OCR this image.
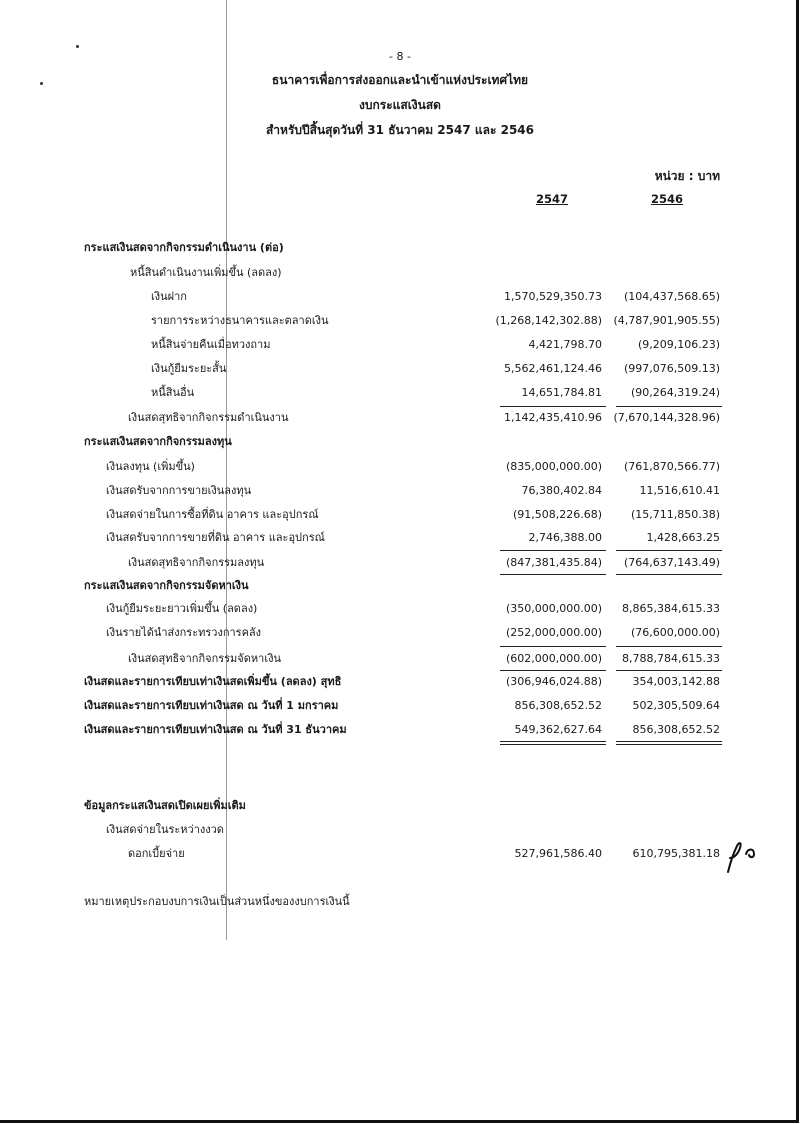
- 8 -
ธนาคารเพื่อการส่งออกและนำเข้าแห่งประเทศไทย
งบกระแสเงินสด
สำหรับปีสิ้นสุดวันที่ 31 ธันวาคม 2547 และ 2546
หน่วย : บาท
2547	2546
กระแสเงินสดจากกิจกรรมดำเนินงาน (ต่อ)
หนี้สินดำเนินงานเพิ่มขึ้น (ลดลง)
เงินฝาก	1,570,529,350.73 (104,437,568.65)
รายการระหว่างธนาคารและตลาดเงิน	(1,268,142,302.88) (4,787,901,905.55)
หนี้สินจ่ายคืนเมื่อทวงถาม	4,421,798.70	(9,209,106.23)
เงินกู้ยืมระยะสั้น	5,562,461,124.46 (997,076,509.13)
หนี้สินอื่น	14,651,784.81	(90,264,319.24)
เงินสดสุทธิจากกิจกรรมดำเนินงาน	1,142,435,410.96 (7,670,144,328.96)
กระแสเงินสดจากกิจกรรมลงทุน
เงินลงทุน (เพิ่มขึ้น)	(835,000,000.00) (761,870,566.77)
เงินสดรับจากการขายเงินลงทุน	76,380,402.84	11,516,610.41
เงินสดจ่ายในการซื้อที่ดิน อาคาร และอุปกรณ์	(91,508,226.68)	(15,711,850.38)
เงินสดรับจากการขายที่ดิน อาคาร และอุปกรณ์	2,746,388.00	1,428,663.25
เงินสดสุทธิจากกิจกรรมลงทุน	(847,381,435.84) (764,637,143.49)
กระแสเงินสดจากกิจกรรมจัดหาเงิน
เงินกู้ยืมระยะยาวเพิ่มขึ้น (ลดลง)	(350,000,000.00) 8,865,384,615.33
เงินรายได้นำส่งกระทรวงการคลัง	(252,000,000.00)	(76,600,000.00)
เงินสดสุทธิจากกิจกรรมจัดหาเงิน	(602,000,000.00) 8,788,784,615.33
เงินสดและรายการเทียบเท่าเงินสดเพิ่มขึ้น (ลดลง) สุทธิ	(306,946,024.88)	354,003,142.88
เงินสดและรายการเทียบเท่าเงินสด ณ วันที่ 1 มกราคม	856,308,652.52	502,305,509.64
เงินสดและรายการเทียบเท่าเงินสด ณ วันที่ 31 ธันวาคม	549,362,627.64	856,308,652.52
ข้อมูลกระแสเงินสดเปิดเผยเพิ่มเติม
เงินสดจ่ายในระหว่างงวด
ดอกเบี้ยจ่าย	527,961,586.40	610,795,381.18
หมายเหตุประกอบงบการเงินเป็นส่วนหนึ่งของงบการเงินนี้
